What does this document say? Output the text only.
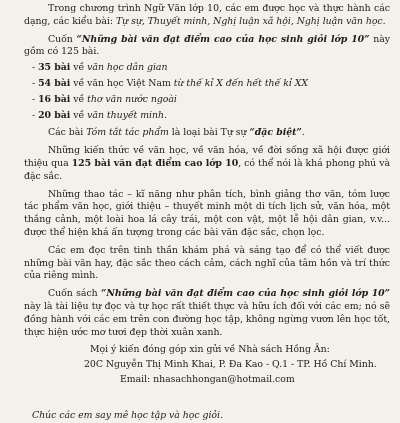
Trong chương trình Ngữ Văn lớp 10, các em được học và thực hành các dạng, các kiểu bài: Tự sự, Thuyết minh, Nghị luận xã hội, Nghị luận văn học.

Cuốn “Những bài văn đạt điểm cao của học sinh giỏi lớp 10” này gồm có 125 bài.

- 35 bài về văn học dân gian

- 54 bài về văn học Việt Nam từ thế kỉ X đến hết thế kỉ XX

- 16 bài về thơ văn nước ngoài

- 20 bài về văn thuyết minh.

Các bài Tóm tắt tác phẩm là loại bài Tự sự “đặc biệt”.

Những kiến thức về văn học, về văn hóa, về đời sống xã hội được giới thiệu qua 125 bài văn đạt điểm cao lớp 10, có thể nói là khá phong phú và đặc sắc.

Những thao tác – kĩ năng như phân tích, bình giảng thơ văn, tóm lược tác phẩm văn học, giới thiệu – thuyết minh một di tích lịch sử, văn hóa, một thắng cảnh, một loài hoa lá cây trái, một con vật, một lễ hội dân gian, v.v... được thể hiện khá ấn tượng trong các bài văn đặc sắc, chọn lọc.

Các em đọc trên tinh thần khám phá và sáng tạo để có thể viết được những bài văn hay, đặc sắc theo cách cảm, cách nghĩ của tâm hồn và trí thức của riêng mình.

Cuốn sách “Những bài văn đạt điểm cao của học sinh giỏi lớp 10” này là tài liệu tự đọc và tự học rất thiết thực và hữu ích đối với các em; nó sẽ đồng hành với các em trên con đường học tập, không ngừng vươn lên học tốt, thực hiện ước mơ tươi đẹp thời xuân xanh.

Mọi ý kiến đóng góp xin gửi về Nhà sách Hồng Ân:

20C Nguyễn Thị Minh Khai, P. Đa Kao - Q.1 - TP. Hồ Chí Minh.

Email: nhasachhongan@hotmail.com

Chúc các em say mê học tập và học giỏi.
